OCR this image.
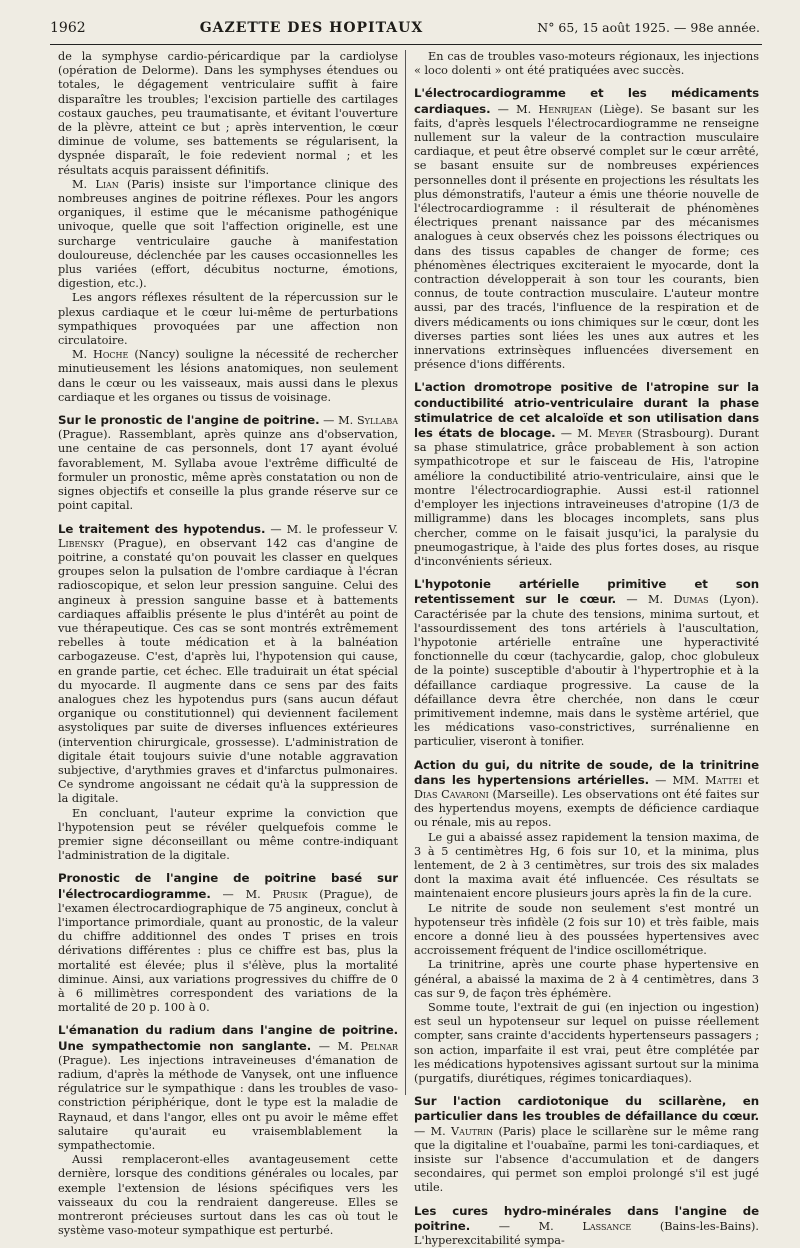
1962	GAZETTE DES HOPITAUX	N° 65, 15 août 1925. — 98e année.

de la symphyse cardio-péricardique par la cardiolyse (opération de Delorme). Dans les symphyses étendues ou totales, le dégagement ventriculaire suffit à faire disparaître les troubles; l'excision partielle des cartilages costaux gauches, peu traumatisante, et évitant l'ouverture de la plèvre, atteint ce but ; après intervention, le cœur diminue de volume, ses battements se régularisent, la dyspnée disparaît, le foie redevient normal ; et les résultats acquis paraissent définitifs.

M. Lian (Paris) insiste sur l'importance clinique des nombreuses angines de poitrine réflexes. Pour les angors organiques, il estime que le mécanisme pathogénique univoque, quelle que soit l'affection originelle, est une surcharge ventriculaire gauche à manifestation douloureuse, déclenchée par les causes occasionnelles les plus variées (effort, décubitus nocturne, émotions, digestion, etc.).

Les angors réflexes résultent de la répercussion sur le plexus cardiaque et le cœur lui-même de perturbations sympathiques provoquées par une affection non circulatoire.

M. Hoche (Nancy) souligne la nécessité de rechercher minutieusement les lésions anatomiques, non seulement dans le cœur ou les vaisseaux, mais aussi dans le plexus cardiaque et les organes ou tissus de voisinage.

Sur le pronostic de l'angine de poitrine. — M. Syllaba (Prague). Rassemblant, après quinze ans d'observation, une centaine de cas personnels, dont 17 ayant évolué favorablement, M. Syllaba avoue l'extrême difficulté de formuler un pronostic, même après constatation ou non de signes objectifs et conseille la plus grande réserve sur ce point capital.

Le traitement des hypotendus. — M. le professeur V. Libensky (Prague), en observant 142 cas d'angine de poitrine, a constaté qu'on pouvait les classer en quelques groupes selon la pulsation de l'ombre cardiaque à l'écran radioscopique, et selon leur pression sanguine. Celui des angineux à pression sanguine basse et à battements cardiaques affaiblis présente le plus d'intérêt au point de vue thérapeutique. Ces cas se sont montrés extrêmement rebelles à toute médication et à la balnéation carbogazeuse. C'est, d'après lui, l'hypotension qui cause, en grande partie, cet échec. Elle traduirait un état spécial du myocarde. Il augmente dans ce sens par des faits analogues chez les hypotendus purs (sans aucun défaut organique ou constitutionnel) qui deviennent facilement asystoliques par suite de diverses influences extérieures (intervention chirurgicale, grossesse). L'administration de digitale était toujours suivie d'une notable aggravation subjective, d'arythmies graves et d'infarctus pulmonaires. Ce syndrome angoissant ne cédait qu'à la suppression de la digitale.

En concluant, l'auteur exprime la conviction que l'hypotension peut se révéler quelquefois comme le premier signe déconseillant ou même contre-indiquant l'administration de la digitale.

Pronostic de l'angine de poitrine basé sur l'électrocardiogramme. — M. Prusik (Prague), de l'examen électrocardiographique de 75 angineux, conclut à l'importance primordiale, quant au pronostic, de la valeur du chiffre additionnel des ondes T prises en trois dérivations différentes : plus ce chiffre est bas, plus la mortalité est élevée; plus il s'élève, plus la mortalité diminue. Ainsi, aux variations progressives du chiffre de 0 à 6 millimètres correspondent des variations de la mortalité de 20 p. 100 à 0.

L'émanation du radium dans l'angine de poitrine. Une sympathectomie non sanglante. — M. Pelnar (Prague). Les injections intraveineuses d'émanation de radium, d'après la méthode de Vanysek, ont une influence régulatrice sur le sympathique : dans les troubles de vaso-constriction périphérique, dont le type est la maladie de Raynaud, et dans l'angor, elles ont pu avoir le même effet salutaire qu'aurait eu vraisemblablement la sympathectomie.

Aussi remplaceront-elles avantageusement cette dernière, lorsque des conditions générales ou locales, par exemple l'extension de lésions spécifiques vers les vaisseaux du cou la rendraient dangereuse. Elles se montreront précieuses surtout dans les cas où tout le système vaso-moteur sympathique est perturbé.

En cas de troubles vaso-moteurs régionaux, les injections « loco dolenti » ont été pratiquées avec succès.

L'électrocardiogramme et les médicaments cardiaques. — M. Henrijean (Liège). Se basant sur les faits, d'après lesquels l'électrocardiogramme ne renseigne nullement sur la valeur de la contraction musculaire cardiaque, et peut être observé complet sur le cœur arrêté, se basant ensuite sur de nombreuses expériences personnelles dont il présente en projections les résultats les plus démonstratifs, l'auteur a émis une théorie nouvelle de l'électrocardiogramme : il résulterait de phénomènes électriques prenant naissance par des mécanismes analogues à ceux observés chez les poissons électriques ou dans des tissus capables de changer de forme; ces phénomènes électriques exciteraient le myocarde, dont la contraction développerait à son tour les courants, bien connus, de toute contraction musculaire. L'auteur montre aussi, par des tracés, l'influence de la respiration et de divers médicaments ou ions chimiques sur le cœur, dont les diverses parties sont liées les unes aux autres et les innervations extrinsèques influencées diversement en présence d'ions différents.

L'action dromotrope positive de l'atropine sur la conductibilité atrio-ventriculaire durant la phase stimulatrice de cet alcaloïde et son utilisation dans les états de blocage. — M. Meyer (Strasbourg). Durant sa phase stimulatrice, grâce probablement à son action sympathicotrope et sur le faisceau de His, l'atropine améliore la conductibilité atrio-ventriculaire, ainsi que le montre l'électrocardiographie. Aussi est-il rationnel d'employer les injections intraveineuses d'atropine (1/3 de milligramme) dans les blocages incomplets, sans plus chercher, comme on le faisait jusqu'ici, la paralysie du pneumogastrique, à l'aide des plus fortes doses, au risque d'inconvénients sérieux.

L'hypotonie artérielle primitive et son retentissement sur le cœur. — M. Dumas (Lyon). Caractérisée par la chute des tensions, minima surtout, et l'assourdissement des tons artériels à l'auscultation, l'hypotonie artérielle entraîne une hyperactivité fonctionnelle du cœur (tachycardie, galop, choc globuleux de la pointe) susceptible d'aboutir à l'hypertrophie et à la défaillance cardiaque progressive. La cause de la défaillance devra être cherchée, non dans le cœur primitivement indemne, mais dans le système artériel, que les médications vaso-constrictives, surrénalienne en particulier, viseront à tonifier.

Action du gui, du nitrite de soude, de la trinitrine dans les hypertensions artérielles. — MM. Mattei et Dias Cavaroni (Marseille). Les observations ont été faites sur des hypertendus moyens, exempts de déficience cardiaque ou rénale, mis au repos.

Le gui a abaissé assez rapidement la tension maxima, de 3 à 5 centimètres Hg, 6 fois sur 10, et la minima, plus lentement, de 2 à 3 centimètres, sur trois des six malades dont la maxima avait été influencée. Ces résultats se maintenaient encore plusieurs jours après la fin de la cure.

Le nitrite de soude non seulement s'est montré un hypotenseur très infidèle (2 fois sur 10) et très faible, mais encore a donné lieu à des poussées hypertensives avec accroissement fréquent de l'indice oscillométrique.

La trinitrine, après une courte phase hypertensive en général, a abaissé la maxima de 2 à 4 centimètres, dans 3 cas sur 9, de façon très éphémère.

Somme toute, l'extrait de gui (en injection ou ingestion) est seul un hypotenseur sur lequel on puisse réellement compter, sans crainte d'accidents hypertenseurs passagers ; son action, imparfaite il est vrai, peut être complétée par les médications hypotensives agissant surtout sur la minima (purgatifs, diurétiques, régimes tonicardiaques).

Sur l'action cardiotonique du scillarène, en particulier dans les troubles de défaillance du cœur. — M. Vautrin (Paris) place le scillarène sur le même rang que la digitaline et l'ouabaïne, parmi les toni-cardiaques, et insiste sur l'absence d'accumulation et de dangers secondaires, qui permet son emploi prolongé s'il est jugé utile.

Les cures hydro-minérales dans l'angine de poitrine. — M. Lassance (Bains-les-Bains). L'hyperexcitabilité sympa-
